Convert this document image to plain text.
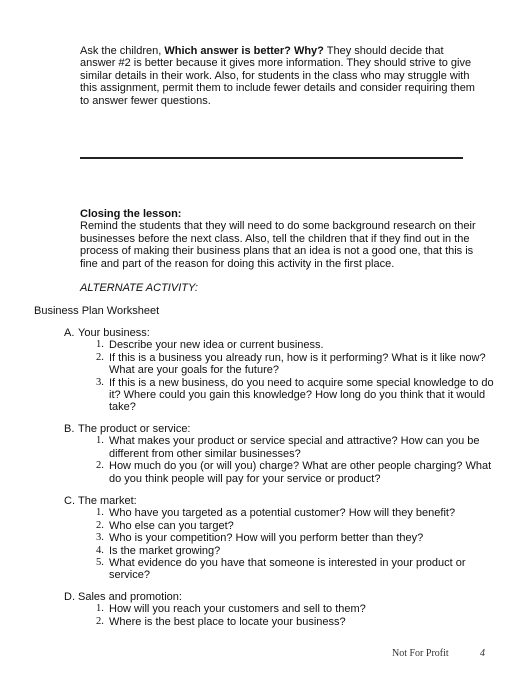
Ask the children, Which answer is better? Why? They should decide that answer #2 is better because it gives more information. They should strive to give similar details in their work. Also, for students in the class who may struggle with this assignment, permit them to include fewer details and consider requiring them to answer fewer questions.
Closing the lesson:
Remind the students that they will need to do some background research on their businesses before the next class. Also, tell the children that if they find out in the process of making their business plans that an idea is not a good one, that this is fine and part of the reason for doing this activity in the first place.
ALTERNATE ACTIVITY:
Business Plan Worksheet
A. Your business:
1. Describe your new idea or current business.
2. If this is a business you already run, how is it performing? What is it like now? What are your goals for the future?
3. If this is a new business, do you need to acquire some special knowledge to do it? Where could you gain this knowledge? How long do you think that it would take?
B. The product or service:
1. What makes your product or service special and attractive? How can you be different from other similar businesses?
2. How much do you (or will you) charge? What are other people charging? What do you think people will pay for your service or product?
C. The market:
1. Who have you targeted as a potential customer? How will they benefit?
2. Who else can you target?
3. Who is your competition? How will you perform better than they?
4. Is the market growing?
5. What evidence do you have that someone is interested in your product or service?
D. Sales and promotion:
1. How will you reach your customers and sell to them?
2. Where is the best place to locate your business?
Not For Profit	4
